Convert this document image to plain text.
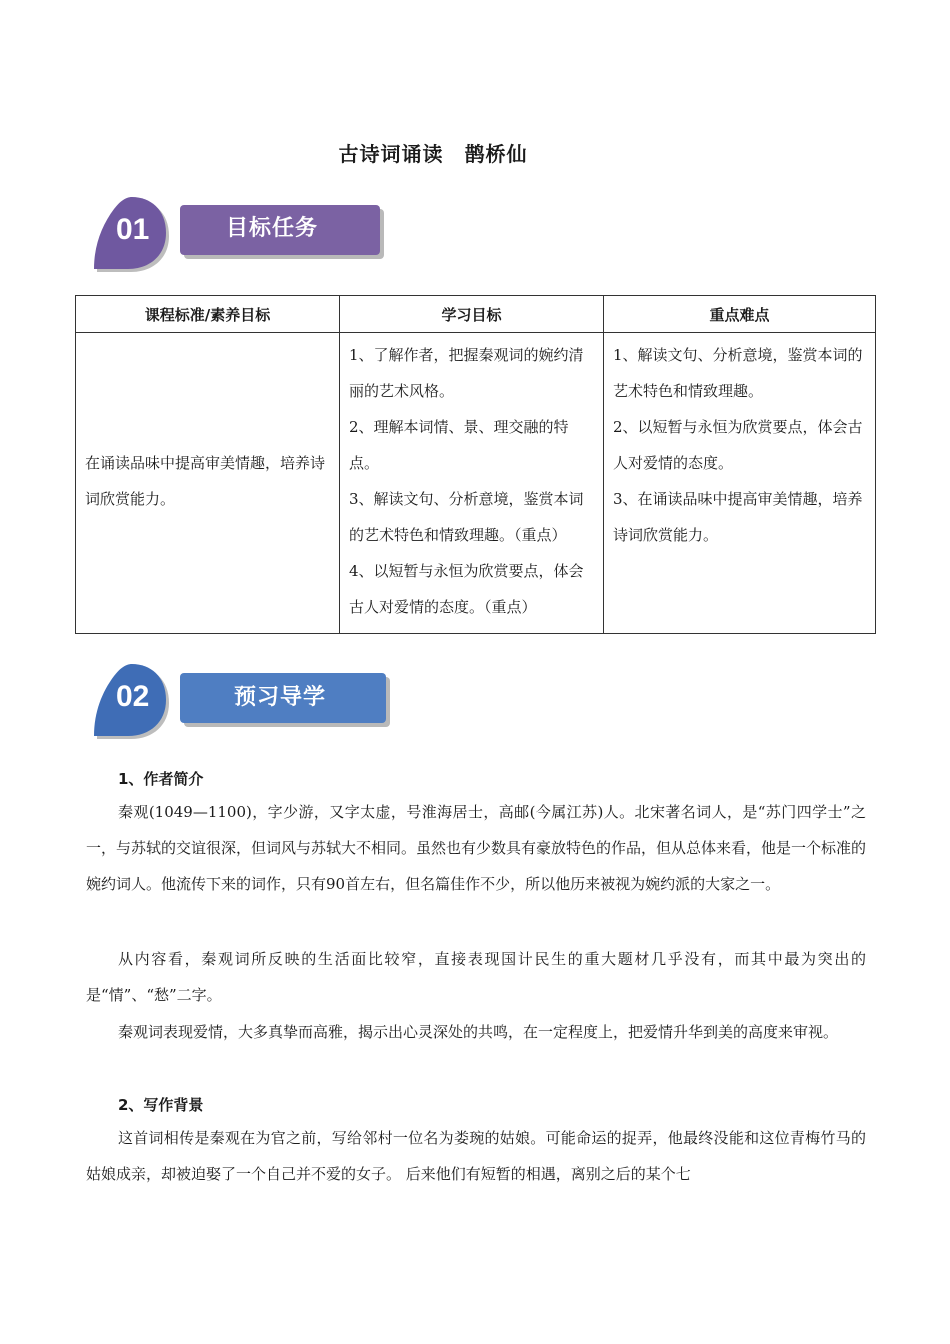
古诗词诵读　鹊桥仙
01	目标任务
课程标准/素养目标	学习目标	重点难点
在诵读品味中提高审美情趣，培养诗词欣赏能力。	1、了解作者，把握秦观词的婉约清丽的艺术风格。
2、理解本词情、景、理交融的特点。
3、解读文句、分析意境，鉴赏本词的艺术特色和情致理趣。（重点）
4、以短暂与永恒为欣赏要点，体会古人对爱情的态度。（重点）	1、解读文句、分析意境，鉴赏本词的艺术特色和情致理趣。
2、以短暂与永恒为欣赏要点，体会古人对爱情的态度。
3、在诵读品味中提高审美情趣，培养诗词欣赏能力。
02	预习导学
1、作者简介

秦观(1049—1100)，字少游，又字太虚，号淮海居士，高邮(今属江苏)人。北宋著名词人，是“苏门四学士”之一，与苏轼的交谊很深，但词风与苏轼大不相同。虽然也有少数具有豪放特色的作品，但从总体来看，他是一个标准的婉约词人。他流传下来的词作，只有90首左右，但名篇佳作不少，所以他历来被视为婉约派的大家之一。

从内容看，秦观词所反映的生活面比较窄，直接表现国计民生的重大题材几乎没有，而其中最为突出的是“情”、“愁”二字。

秦观词表现爱情，大多真挚而高雅，揭示出心灵深处的共鸣，在一定程度上，把爱情升华到美的高度来审视。

2、写作背景

这首词相传是秦观在为官之前，写给邻村一位名为娄琬的姑娘。可能命运的捉弄，他最终没能和这位青梅竹马的姑娘成亲，却被迫娶了一个自己并不爱的女子。 后来他们有短暂的相遇，离别之后的某个七
